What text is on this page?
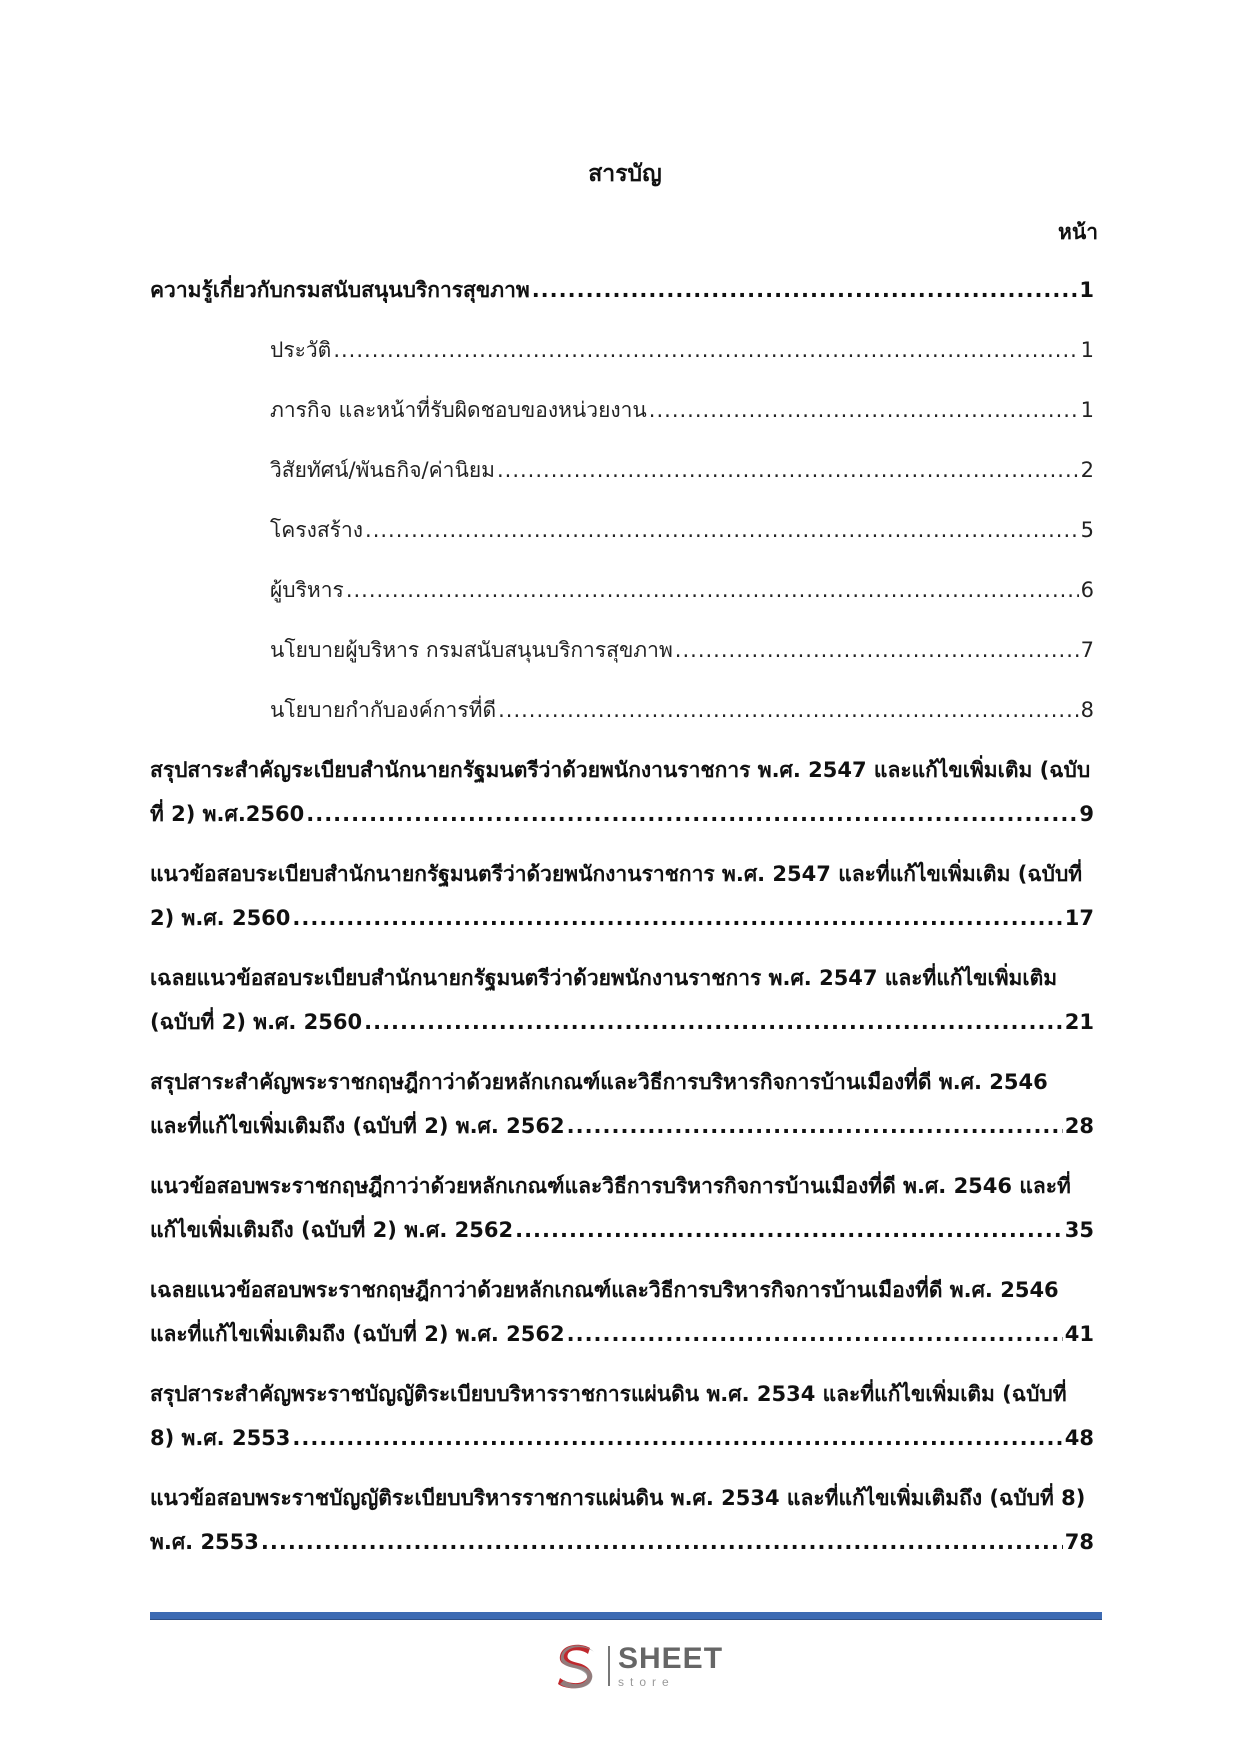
สารบัญ
หน้า
ความรู้เกี่ยวกับกรมสนับสนุนบริการสุขภาพ .....	1
ประวัติ .....	1
ภารกิจ และหน้าที่รับผิดชอบของหน่วยงาน .....	1
วิสัยทัศน์/พันธกิจ/ค่านิยม .....	2
โครงสร้าง .....	5
ผู้บริหาร .....	6
นโยบายผู้บริหาร กรมสนับสนุนบริการสุขภาพ .....	7
นโยบายกำกับองค์การที่ดี .....	8
สรุปสาระสำคัญระเบียบสำนักนายกรัฐมนตรีว่าด้วยพนักงานราชการ พ.ศ. 2547 และแก้ไขเพิ่มเติม (ฉบับ
ที่ 2) พ.ศ.2560 .....	9
แนวข้อสอบระเบียบสำนักนายกรัฐมนตรีว่าด้วยพนักงานราชการ พ.ศ. 2547 และที่แก้ไขเพิ่มเติม (ฉบับที่
2) พ.ศ. 2560 .....	17
เฉลยแนวข้อสอบระเบียบสำนักนายกรัฐมนตรีว่าด้วยพนักงานราชการ พ.ศ. 2547 และที่แก้ไขเพิ่มเติม
(ฉบับที่ 2) พ.ศ. 2560 .....	21
สรุปสาระสำคัญพระราชกฤษฎีกาว่าด้วยหลักเกณฑ์และวิธีการบริหารกิจการบ้านเมืองที่ดี พ.ศ. 2546
และที่แก้ไขเพิ่มเติมถึง (ฉบับที่ 2) พ.ศ. 2562 .....	28
แนวข้อสอบพระราชกฤษฎีกาว่าด้วยหลักเกณฑ์และวิธีการบริหารกิจการบ้านเมืองที่ดี พ.ศ. 2546 และที่
แก้ไขเพิ่มเติมถึง (ฉบับที่ 2) พ.ศ. 2562 .....	35
เฉลยแนวข้อสอบพระราชกฤษฎีกาว่าด้วยหลักเกณฑ์และวิธีการบริหารกิจการบ้านเมืองที่ดี พ.ศ. 2546
และที่แก้ไขเพิ่มเติมถึง (ฉบับที่ 2) พ.ศ. 2562 .....	41
สรุปสาระสำคัญพระราชบัญญัติระเบียบบริหารราชการแผ่นดิน พ.ศ. 2534 และที่แก้ไขเพิ่มเติม (ฉบับที่
8) พ.ศ. 2553 .....	48
แนวข้อสอบพระราชบัญญัติระเบียบบริหารราชการแผ่นดิน พ.ศ. 2534 และที่แก้ไขเพิ่มเติมถึง (ฉบับที่ 8)
พ.ศ. 2553 .....	78
SHEET
store
